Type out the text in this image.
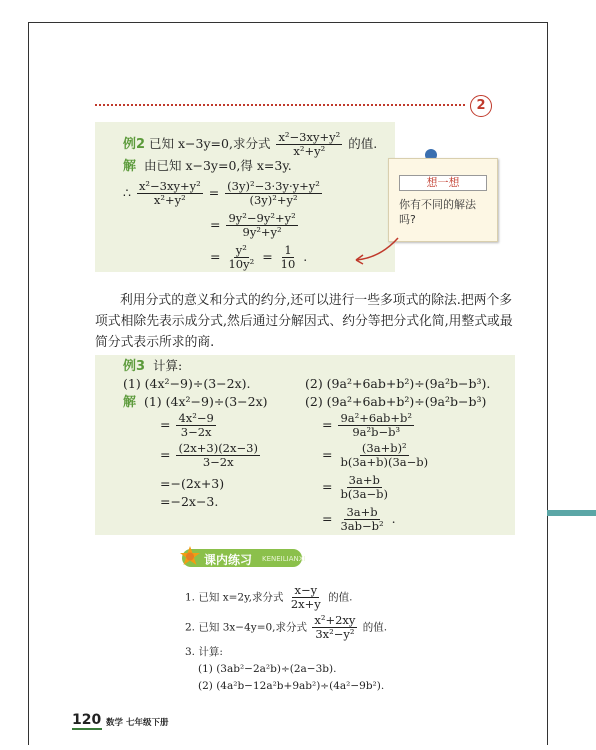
2
例2 已知 x−3y=0,求分式 $\frac{\text{x²−3xy+y²}}{\text{x²+y²}}$ 的值.
解 由已知 x−3y=0,得 x=3y.
∴ $\frac{\text{x²−3xy+y²}}{\text{x²+y²}} = \frac{\text{(3y)²−3·3y·y+y²}}{\text{(3y)²+y²}}$
= $\frac{\text{9y²−9y²+y²}}{\text{9y²+y²}}$
= $\frac{\text{y²}}{\text{10y²}} = \frac{1}{10}$ .
想一想
你有不同的解法吗?
利用分式的意义和分式的约分,还可以进行一些多项式的除法.把两个多项式相除先表示成分式,然后通过分解因式、约分等把分式化简,用整式或最简分式表示所求的商.
例3 计算:
(1) (4x²−9)÷(3−2x).	(2) (9a²+6ab+b²)÷(9a²b−b³).
解 (1) (4x²−9)÷(3−2x)	(2) (9a²+6ab+b²)÷(9a²b−b³)
= $\frac{\text{4x²−9}}{3-2x}$
= $\frac{(2x+3)(2x-3)}{3-2x}$
=−(2x+3)
=−2x−3.
= $\frac{\text{9a²+6ab+b²}}{\text{9a²b−b³}}$
= $\frac{\text{(3a+b)²}}{b(3a+b)(3a-b)}$
= $\frac{3a+b}{b(3a-b)}$
= $\frac{3a+b}{\text{3ab−b²}}$ .
课内练习 KENEILIANXI
1. 已知 x=2y,求分式 $\frac{x-y}{2x+y}$ 的值.
2. 已知 3x−4y=0,求分式 $\frac{\text{x²+2xy}}{\text{3x²−y²}}$ 的值.
3. 计算:
(1) (3ab²−2a²b)÷(2a−3b).
(2) (4a²b−12a²b+9ab²)÷(4a²−9b²).
120 数学 七年级下册
